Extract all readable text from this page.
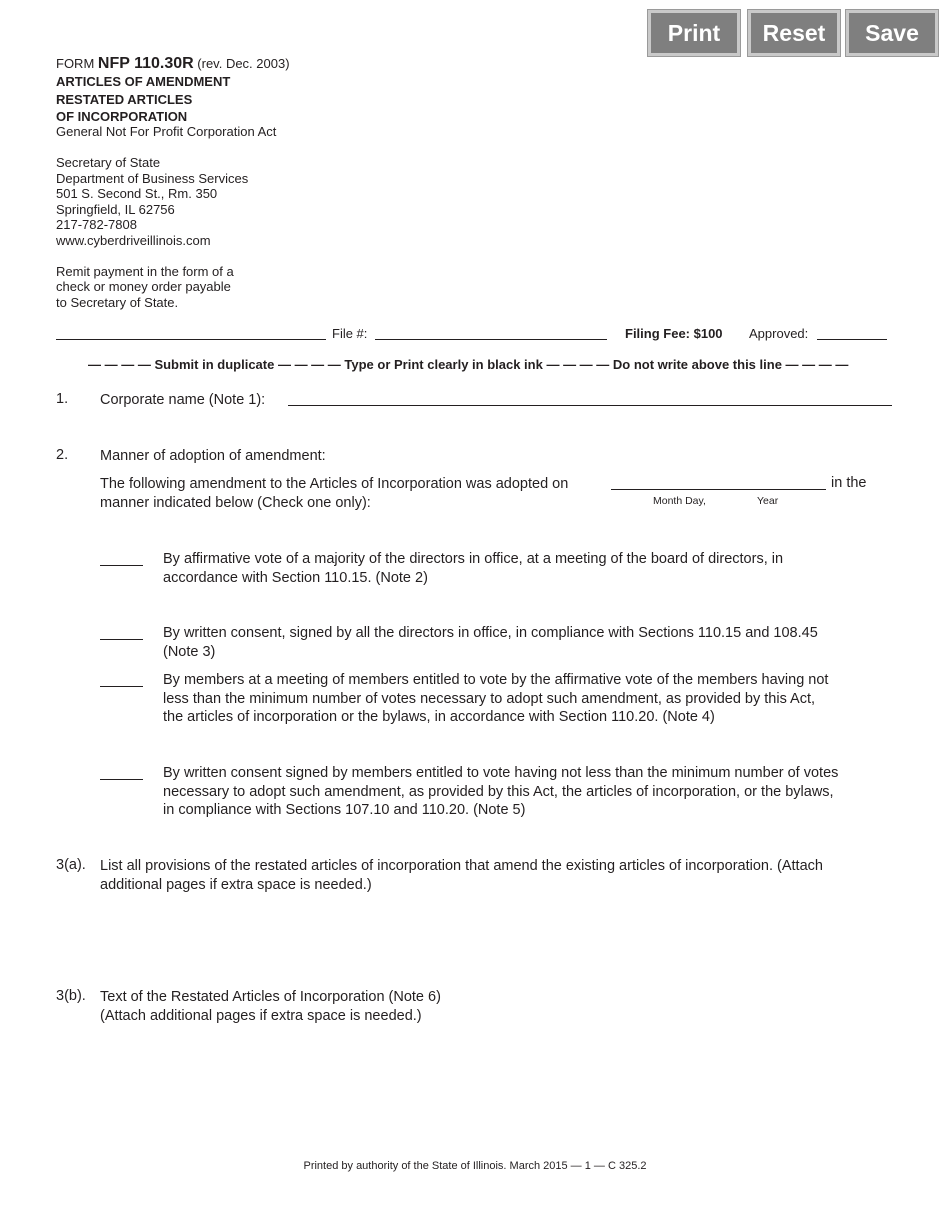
Print	Reset	Save
FORM NFP 110.30R (rev. Dec. 2003)
ARTICLES OF AMENDMENT
RESTATED ARTICLES
OF INCORPORATION
General Not For Profit Corporation Act
Secretary of State
Department of Business Services
501 S. Second St., Rm. 350
Springfield, IL 62756
217-782-7808
www.cyberdriveillinois.com
Remit payment in the form of a
check or money order payable
to Secretary of State.
File #:	Filing Fee: $100 Approved:
— — — — Submit in duplicate — — — — Type or Print clearly in black ink — — — — Do not write above this line — — — —
1. Corporate name (Note 1):
2. Manner of adoption of amendment:
The following amendment to the Articles of Incorporation was adopted on	in the
manner indicated below (Check one only):	Month Day,	Year
By affirmative vote of a majority of the directors in office, at a meeting of the board of directors, in
accordance with Section 110.15. (Note 2)
By written consent, signed by all the directors in office, in compliance with Sections 110.15 and 108.45
(Note 3)
By members at a meeting of members entitled to vote by the affirmative vote of the members having not
less than the minimum number of votes necessary to adopt such amendment, as provided by this Act,
the articles of incorporation or the bylaws, in accordance with Section 110.20. (Note 4)
By written consent signed by members entitled to vote having not less than the minimum number of votes
necessary to adopt such amendment, as provided by this Act, the articles of incorporation, or the bylaws,
in compliance with Sections 107.10 and 110.20. (Note 5)
3(a). List all provisions of the restated articles of incorporation that amend the existing articles of incorporation. (Attach
additional pages if extra space is needed.)
3(b). Text of the Restated Articles of Incorporation (Note 6)
(Attach additional pages if extra space is needed.)
Printed by authority of the State of Illinois. March 2015 — 1 — C 325.2
